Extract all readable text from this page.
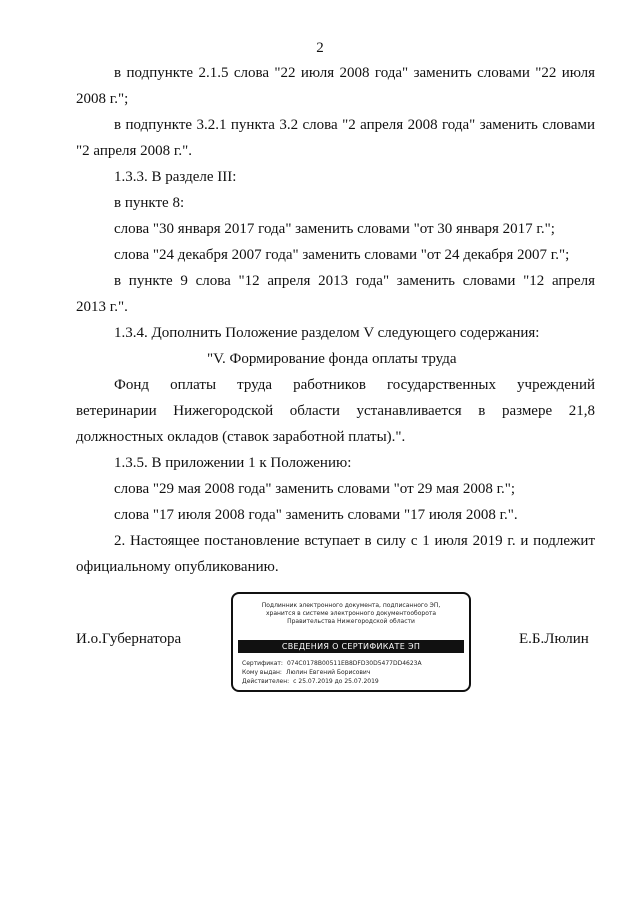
2
в подпункте 2.1.5 слова "22 июля 2008 года" заменить словами "22 июля
2008 г.";
в подпункте 3.2.1 пункта 3.2 слова "2 апреля 2008 года" заменить словами
"2 апреля 2008 г.".
1.3.3. В разделе III:
в пункте 8:
слова "30 января 2017 года" заменить словами "от 30 января 2017 г.";
слова "24 декабря 2007 года" заменить словами "от 24 декабря 2007 г.";
в пункте 9 слова "12 апреля 2013 года" заменить словами "12 апреля
2013 г.".
1.3.4. Дополнить Положение разделом V следующего содержания:
"V. Формирование фонда оплаты труда
Фонд оплаты труда работников государственных учреждений
ветеринарии Нижегородской области устанавливается в размере 21,8
должностных окладов (ставок заработной платы).".
1.3.5. В приложении 1 к Положению:
слова "29 мая 2008 года" заменить словами "от 29 мая 2008 г.";
слова "17 июля 2008 года" заменить словами "17 июля 2008 г.".
2. Настоящее постановление вступает в силу с 1 июля 2019 г. и подлежит
официальному опубликованию.
И.о.Губернатора	Е.Б.Люлин
Подлинник электронного документа, подписанного ЭП,
хранится в системе электронного документооборота
Правительства Нижегородской области
СВЕДЕНИЯ О СЕРТИФИКАТЕ ЭП
Сертификат: 074C0178B00511EB8DFD30D5477DD4623A
Кому выдан: Люлин Евгений Борисович
Действителен: с 25.07.2019 до 25.07.2019
